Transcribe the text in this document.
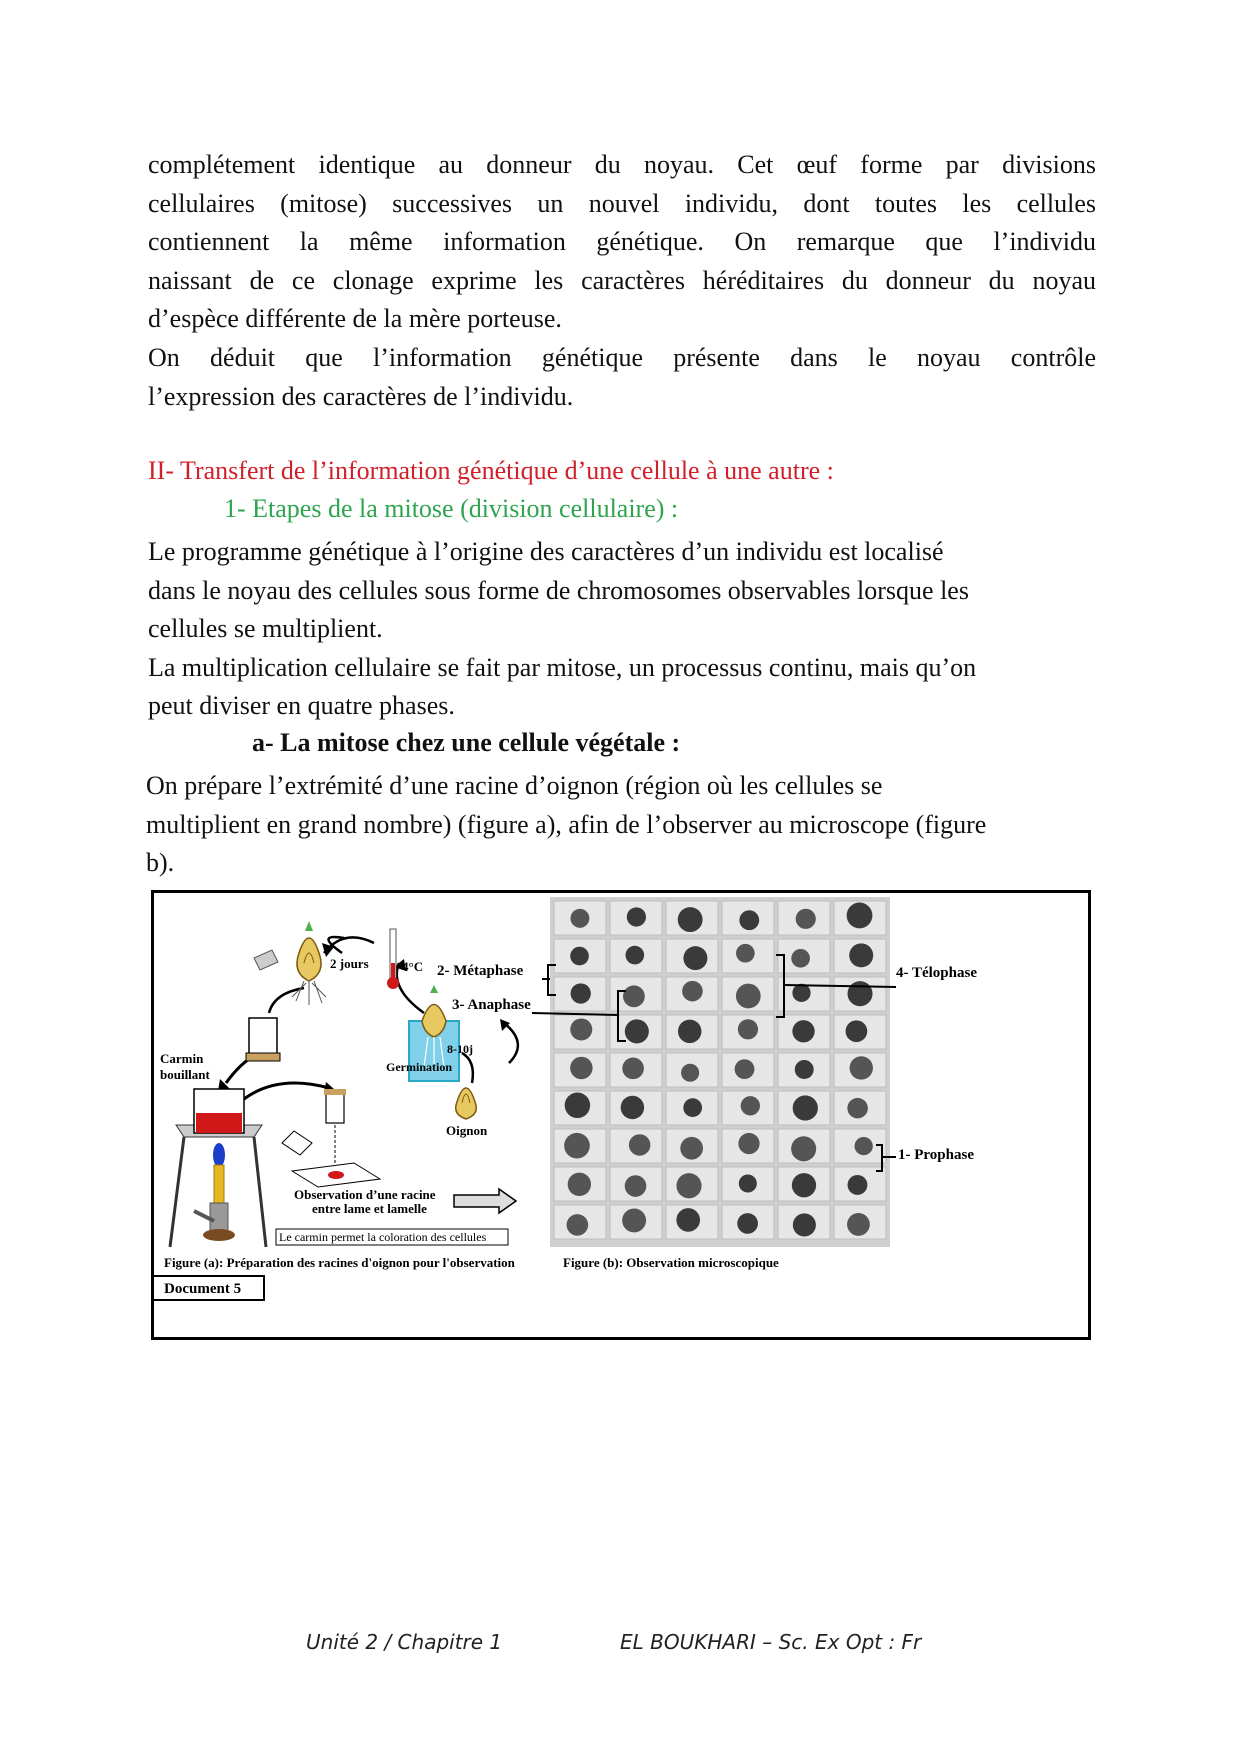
complétement identique au donneur du noyau. Cet œuf forme par divisions
cellulaires (mitose) successives un nouvel individu, dont toutes les cellules
contiennent la même information génétique. On remarque que l’individu
naissant de ce clonage exprime les caractères héréditaires du donneur du noyau
d’espèce différente de la mère porteuse.
On déduit que l’information génétique présente dans le noyau contrôle
l’expression des caractères de l’individu.
II- Transfert de l’information génétique d’une cellule à une autre :
1- Etapes de la mitose (division cellulaire) :
Le programme génétique à l’origine des caractères d’un individu est localisé
dans le noyau des cellules sous forme de chromosomes observables lorsque les
cellules se multiplient.
La multiplication cellulaire se fait par mitose, un processus continu, mais qu’on
peut diviser en quatre phases.
a- La mitose chez une cellule végétale :
On prépare l’extrémité d’une racine d’oignon (région où les cellules se
multiplient en grand nombre) (figure a), afin de l’observer au microscope (figure
b).
2 jours	4°C
8-10j
Germination
Oignon
Carmin
bouillant
Observation d’une racine
entre lame et lamelle
Le carmin permet la coloration des cellules
2- Métaphase
3- Anaphase
4- Télophase
1- Prophase
Figure (a): Préparation des racines d'oignon pour l'observation	Figure (b): Observation microscopique
Document 5
Unité 2 / Chapitre 1	EL BOUKHARI – Sc. Ex Opt : Fr
